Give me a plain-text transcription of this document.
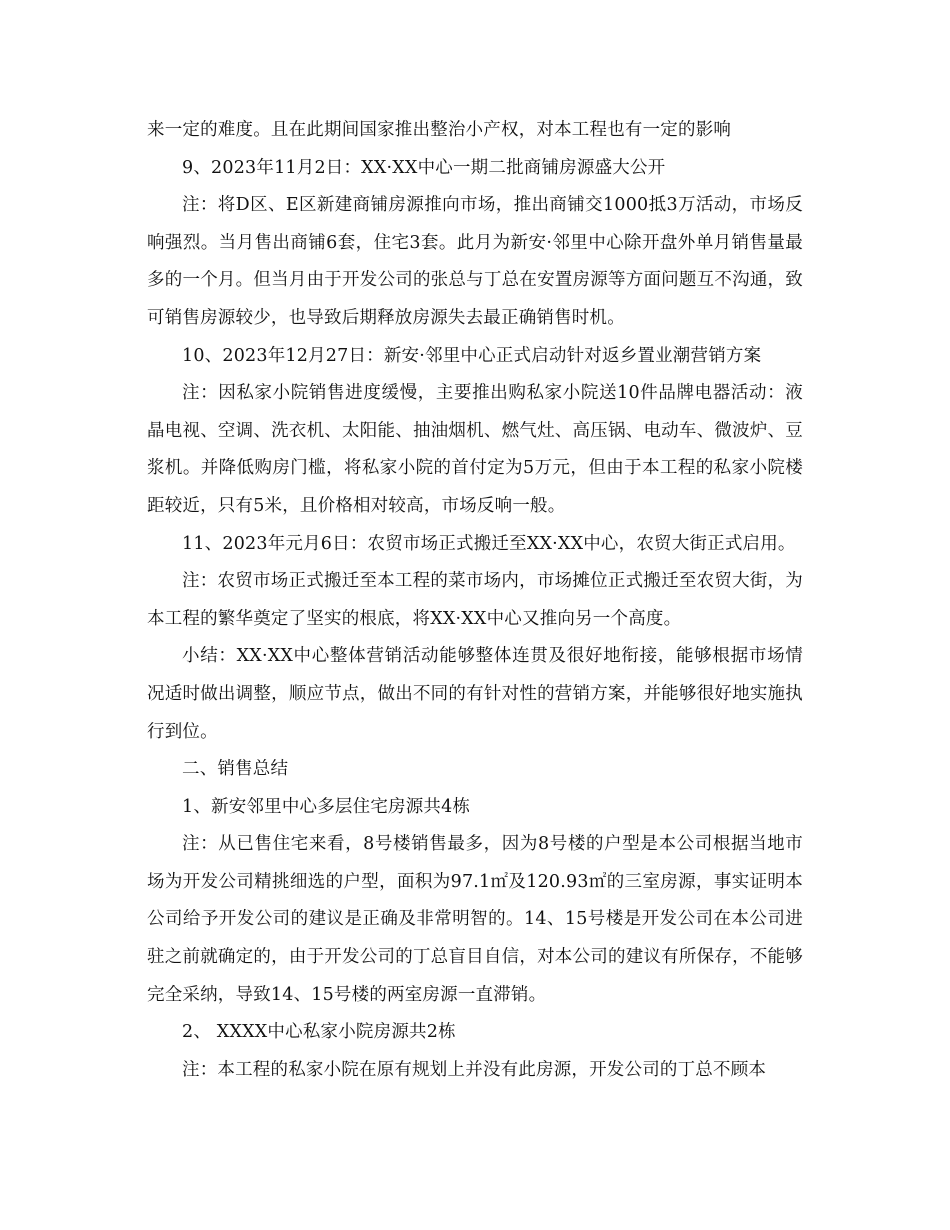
来一定的难度。且在此期间国家推出整治小产权，对本工程也有一定的影响

9、2023年11月2日：XX·XX中心一期二批商铺房源盛大公开

注：将D区、E区新建商铺房源推向市场，推出商铺交1000抵3万活动，市场反响强烈。当月售出商铺6套，住宅3套。此月为新安·邻里中心除开盘外单月销售量最多的一个月。但当月由于开发公司的张总与丁总在安置房源等方面问题互不沟通，致可销售房源较少，也导致后期释放房源失去最正确销售时机。

10、2023年12月27日：新安·邻里中心正式启动针对返乡置业潮营销方案

注：因私家小院销售进度缓慢，主要推出购私家小院送10件品牌电器活动：液晶电视、空调、洗衣机、太阳能、抽油烟机、燃气灶、高压锅、电动车、微波炉、豆浆机。并降低购房门槛，将私家小院的首付定为5万元，但由于本工程的私家小院楼距较近，只有5米，且价格相对较高，市场反响一般。

11、2023年元月6日：农贸市场正式搬迁至XX·XX中心，农贸大街正式启用。

注：农贸市场正式搬迁至本工程的菜市场内，市场摊位正式搬迁至农贸大街，为本工程的繁华奠定了坚实的根底，将XX·XX中心又推向另一个高度。

小结：XX·XX中心整体营销活动能够整体连贯及很好地衔接，能够根据市场情况适时做出调整，顺应节点，做出不同的有针对性的营销方案，并能够很好地实施执行到位。

二、销售总结

1、新安邻里中心多层住宅房源共4栋

注：从已售住宅来看，8号楼销售最多，因为8号楼的户型是本公司根据当地市场为开发公司精挑细选的户型，面积为97.1㎡及120.93㎡的三室房源，事实证明本公司给予开发公司的建议是正确及非常明智的。14、15号楼是开发公司在本公司进驻之前就确定的，由于开发公司的丁总盲目自信，对本公司的建议有所保存，不能够完全采纳，导致14、15号楼的两室房源一直滞销。

2、 XXXX中心私家小院房源共2栋

注：本工程的私家小院在原有规划上并没有此房源，开发公司的丁总不顾本
